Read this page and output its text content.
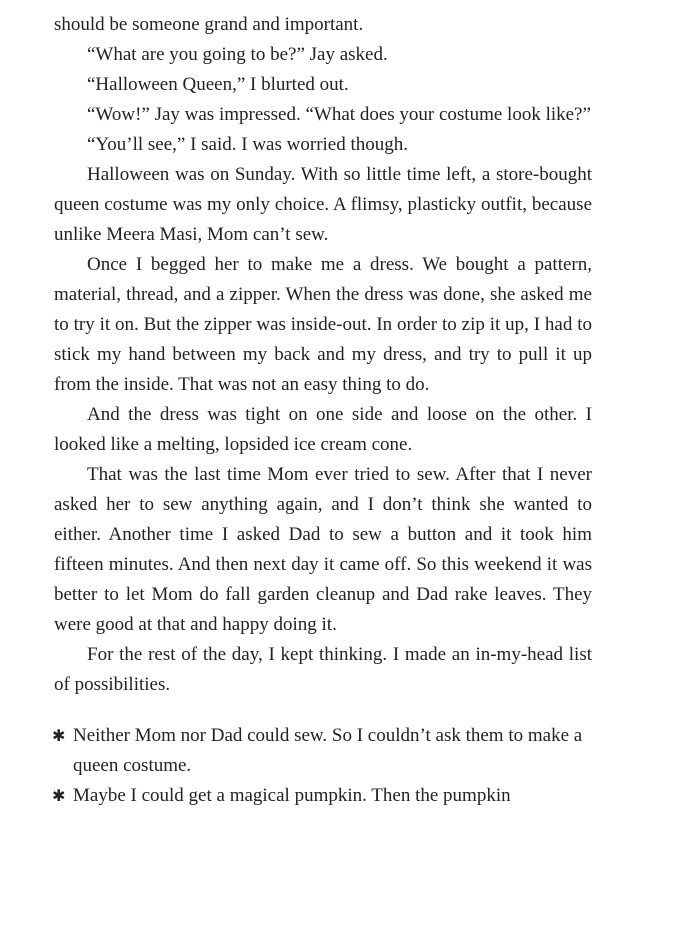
should be someone grand and important.

“What are you going to be?” Jay asked.

“Halloween Queen,” I blurted out.

“Wow!” Jay was impressed. “What does your costume look like?”

“You’ll see,” I said. I was worried though.

Halloween was on Sunday. With so little time left, a store-bought queen costume was my only choice. A flimsy, plasticky outfit, because unlike Meera Masi, Mom can’t sew.

Once I begged her to make me a dress. We bought a pattern, material, thread, and a zipper. When the dress was done, she asked me to try it on. But the zipper was inside-out. In order to zip it up, I had to stick my hand between my back and my dress, and try to pull it up from the inside. That was not an easy thing to do.

And the dress was tight on one side and loose on the other. I looked like a melting, lopsided ice cream cone.

That was the last time Mom ever tried to sew. After that I never asked her to sew anything again, and I don’t think she wanted to either. Another time I asked Dad to sew a button and it took him fifteen minutes. And then next day it came off. So this weekend it was better to let Mom do fall garden cleanup and Dad rake leaves. They were good at that and happy doing it.

For the rest of the day, I kept thinking. I made an in-my-head list of possibilities.

✱ Neither Mom nor Dad could sew. So I couldn’t ask them to make a queen costume.
✱ Maybe I could get a magical pumpkin. Then the pumpkin
